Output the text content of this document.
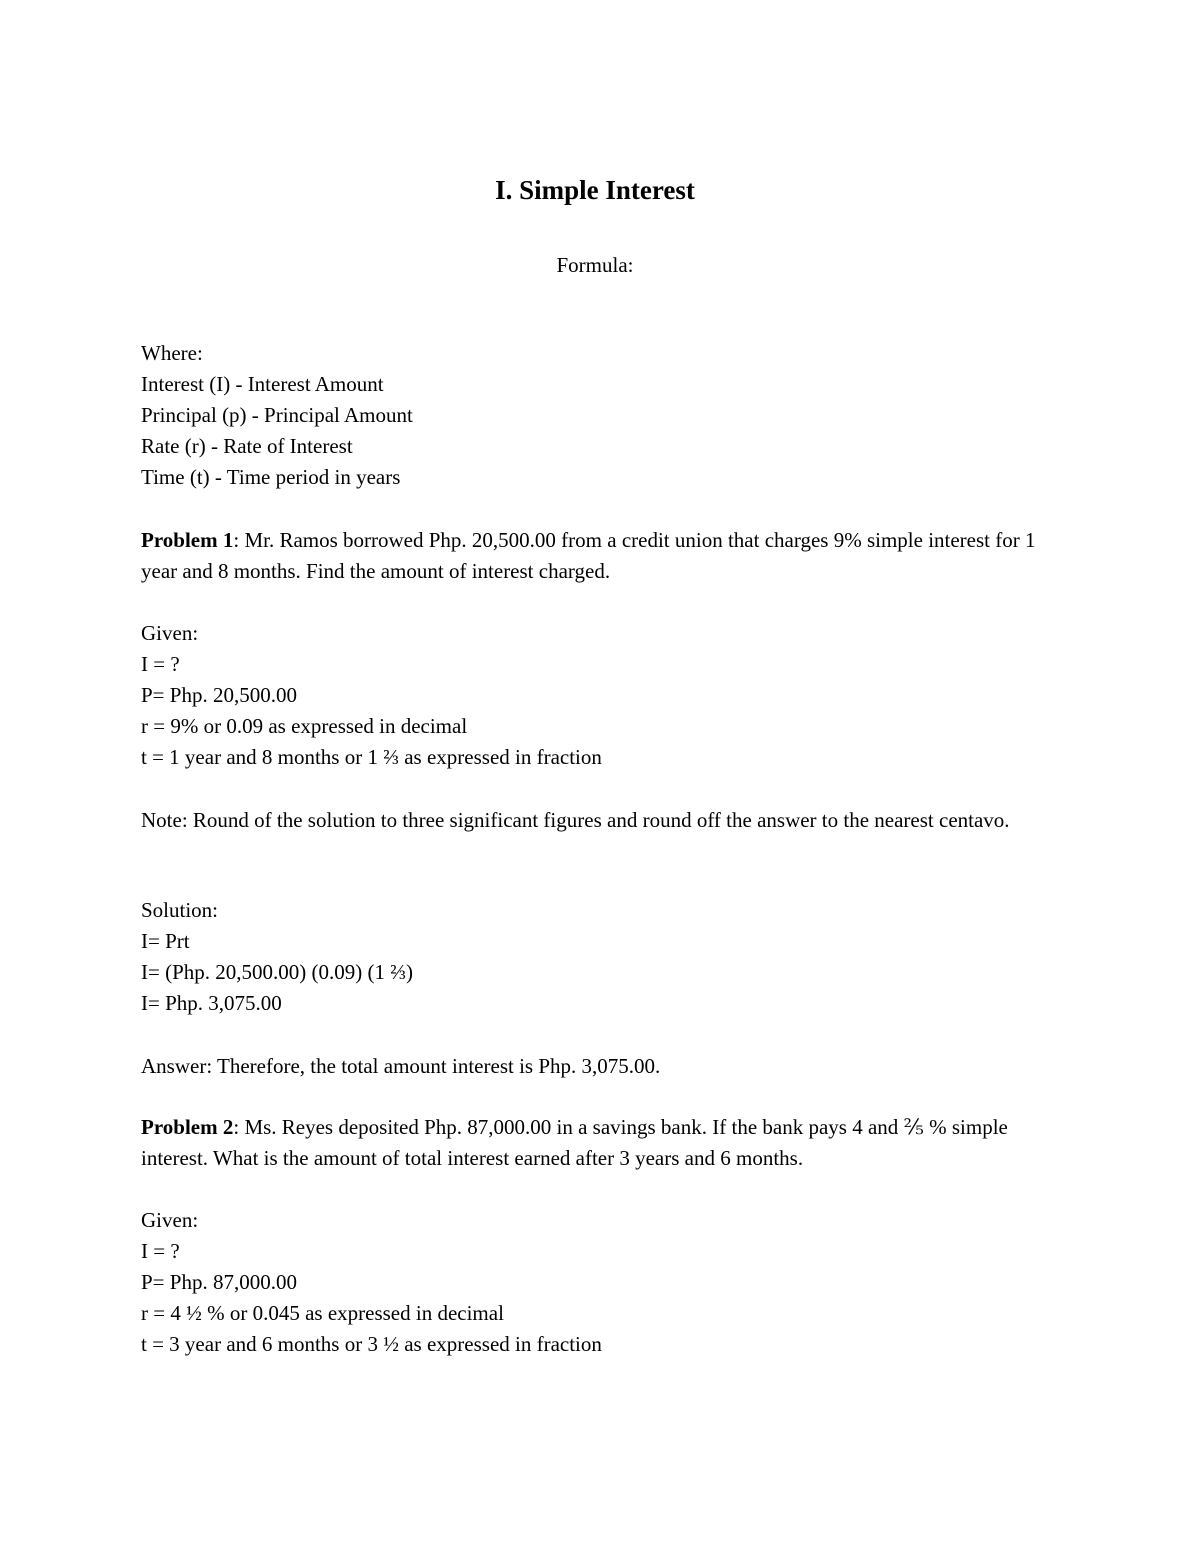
I. Simple Interest
Formula:
Where:
Interest (I) - Interest Amount
Principal (p) - Principal Amount
Rate (r) - Rate of Interest
Time (t) - Time period in years
Problem 1: Mr. Ramos borrowed Php. 20,500.00 from a credit union that charges 9% simple interest for 1 year and 8 months. Find the amount of interest charged.
Given:
I = ?
P= Php. 20,500.00
r = 9% or 0.09 as expressed in decimal
t = 1 year and 8 months or 1 ⅔ as expressed in fraction
Note: Round of the solution to three significant figures and round off the answer to the nearest centavo.
Solution:
I= Prt
I= (Php. 20,500.00) (0.09) (1 ⅔)
I= Php. 3,075.00
Answer: Therefore, the total amount interest is Php. 3,075.00.
Problem 2: Ms. Reyes deposited Php. 87,000.00 in a savings bank. If the bank pays 4 and ⅖ % simple interest. What is the amount of total interest earned after 3 years and 6 months.
Given:
I = ?
P= Php. 87,000.00
r = 4 ½ % or 0.045 as expressed in decimal
t = 3 year and 6 months or 3 ½ as expressed in fraction
